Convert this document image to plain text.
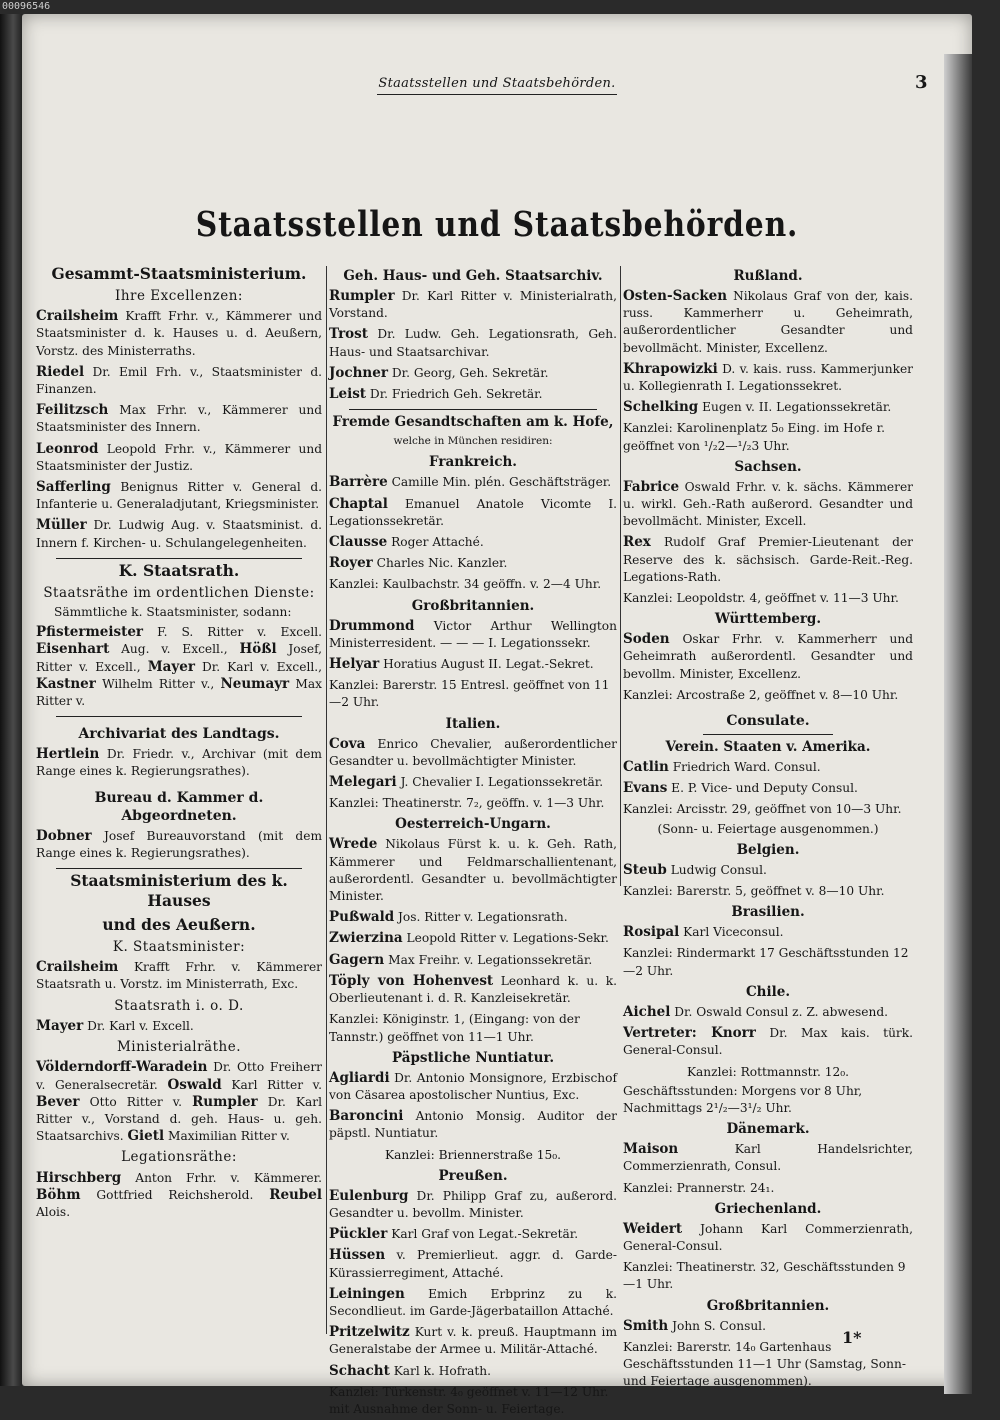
00096546
Staatsstellen und Staatsbehörden.	3
Staatsstellen und Staatsbehörden.
Gesammt-Staatsministerium.
Ihre Excellenzen:
Crailsheim Krafft Frhr. v., Kämmerer und Staatsminister d. k. Hauses u. d. Aeußern, Vorstz. des Ministerraths.
Riedel Dr. Emil Frh. v., Staatsminister d. Finanzen.
Feilitzsch Max Frhr. v., Kämmerer und Staatsminister des Innern.
Leonrod Leopold Frhr. v., Kämmerer und Staatsminister der Justiz.
Safferling Benignus Ritter v. General d. Infanterie u. Generaladjutant, Kriegsminister.
Müller Dr. Ludwig Aug. v. Staatsminist. d. Innern f. Kirchen- u. Schulangelegenheiten.
K. Staatsrath.
Staatsräthe im ordentlichen Dienste:
Sämmtliche k. Staatsminister, sodann:
Pfistermeister F. S. Ritter v. Excell. Eisenhart Aug. v. Excell., Hößl Josef, Ritter v. Excell., Mayer Dr. Karl v. Excell., Kastner Wilhelm Ritter v., Neumayr Max Ritter v.
Archivariat des Landtags.
Hertlein Dr. Friedr. v., Archivar (mit dem Range eines k. Regierungsrathes).
Bureau d. Kammer d. Abgeordneten.
Dobner Josef Bureauvorstand (mit dem Range eines k. Regierungsrathes).
Staatsministerium des k. Hauses
und des Aeußern.
K. Staatsminister:
Crailsheim Krafft Frhr. v. Kämmerer Staatsrath u. Vorstz. im Ministerrath, Exc.
Staatsrath i. o. D.
Mayer Dr. Karl v. Excell.
Ministerialräthe.
Völderndorff-Waradein Dr. Otto Freiherr v. Generalsecretär. Oswald Karl Ritter v. Bever Otto Ritter v. Rumpler Dr. Karl Ritter v., Vorstand d. geh. Haus- u. geh. Staatsarchivs. Gietl Maximilian Ritter v.
Legationsräthe:
Hirschberg Anton Frhr. v. Kämmerer. Böhm Gottfried Reichsherold. Reubel Alois.
Geh. Haus- und Geh. Staatsarchiv.
Rumpler Dr. Karl Ritter v. Ministerialrath, Vorstand.
Trost Dr. Ludw. Geh. Legationsrath, Geh. Haus- und Staatsarchivar.
Jochner Dr. Georg, Geh. Sekretär.
Leist Dr. Friedrich Geh. Sekretär.
Fremde Gesandtschaften am k. Hofe,
welche in München residiren:
Frankreich.
Barrère Camille Min. plén. Geschäftsträger.
Chaptal Emanuel Anatole Vicomte I. Legationssekretär.
Clausse Roger Attaché.
Royer Charles Nic. Kanzler.
Kanzlei: Kaulbachstr. 34 geöffn. v. 2—4 Uhr.
Großbritannien.
Drummond Victor Arthur Wellington Ministerresident. — — — I. Legationssekr.
Helyar Horatius August II. Legat.-Sekret.
Kanzlei: Barerstr. 15 Entresl. geöffnet von 11—2 Uhr.
Italien.
Cova Enrico Chevalier, außerordentlicher Gesandter u. bevollmächtigter Minister.
Melegari J. Chevalier I. Legationssekretär.
Kanzlei: Theatinerstr. 7₂, geöffn. v. 1—3 Uhr.
Oesterreich-Ungarn.
Wrede Nikolaus Fürst k. u. k. Geh. Rath, Kämmerer und Feldmarschallientenant, außerordentl. Gesandter u. bevollmächtigter Minister.
Pußwald Jos. Ritter v. Legationsrath.
Zwierzina Leopold Ritter v. Legations-Sekr.
Gagern Max Freihr. v. Legationssekretär.
Töply von Hohenvest Leonhard k. u. k. Oberlieutenant i. d. R. Kanzleisekretär.
Kanzlei: Königinstr. 1, (Eingang: von der Tannstr.) geöffnet von 11—1 Uhr.
Päpstliche Nuntiatur.
Agliardi Dr. Antonio Monsignore, Erzbischof von Cäsarea apostolischer Nuntius, Exc.
Baroncini Antonio Monsig. Auditor der päpstl. Nuntiatur.
Kanzlei: Briennerstraße 15₀.
Preußen.
Eulenburg Dr. Philipp Graf zu, außerord. Gesandter u. bevollm. Minister.
Pückler Karl Graf von Legat.-Sekretär.
Hüssen v. Premierlieut. aggr. d. Garde-Kürassierregiment, Attaché.
Leiningen Emich Erbprinz zu k. Secondlieut. im Garde-Jägerbataillon Attaché.
Pritzelwitz Kurt v. k. preuß. Hauptmann im Generalstabe der Armee u. Militär-Attaché.
Schacht Karl k. Hofrath.
Kanzlei: Türkenstr. 4₀ geöffnet v. 11—12 Uhr. mit Ausnahme der Sonn- u. Feiertage.
Rußland.
Osten-Sacken Nikolaus Graf von der, kais. russ. Kammerherr u. Geheimrath, außerordentlicher Gesandter und bevollmächt. Minister, Excellenz.
Khrapowizki D. v. kais. russ. Kammerjunker u. Kollegienrath I. Legationssekret.
Schelking Eugen v. II. Legationssekretär.
Kanzlei: Karolinenplatz 5₀ Eing. im Hofe r. geöffnet von ¹/₂2—¹/₂3 Uhr.
Sachsen.
Fabrice Oswald Frhr. v. k. sächs. Kämmerer u. wirkl. Geh.-Rath außerord. Gesandter und bevollmächt. Minister, Excell.
Rex Rudolf Graf Premier-Lieutenant der Reserve des k. sächsisch. Garde-Reit.-Reg. Legations-Rath.
Kanzlei: Leopoldstr. 4, geöffnet v. 11—3 Uhr.
Württemberg.
Soden Oskar Frhr. v. Kammerherr und Geheimrath außerordentl. Gesandter und bevollm. Minister, Excellenz.
Kanzlei: Arcostraße 2, geöffnet v. 8—10 Uhr.
Consulate.
Verein. Staaten v. Amerika.
Catlin Friedrich Ward. Consul.
Evans E. P. Vice- und Deputy Consul.
Kanzlei: Arcisstr. 29, geöffnet von 10—3 Uhr.
(Sonn- u. Feiertage ausgenommen.)
Belgien.
Steub Ludwig Consul.
Kanzlei: Barerstr. 5, geöffnet v. 8—10 Uhr.
Brasilien.
Rosipal Karl Viceconsul.
Kanzlei: Rindermarkt 17 Geschäftsstunden 12—2 Uhr.
Chile.
Aichel Dr. Oswald Consul z. Z. abwesend.
Vertreter: Knorr Dr. Max kais. türk. General-Consul.
Kanzlei: Rottmannstr. 12₀.
Geschäftsstunden: Morgens vor 8 Uhr, Nachmittags 2¹/₂—3¹/₂ Uhr.
Dänemark.
Maison	Karl Handelsrichter, Commerzienrath, Consul.
Kanzlei: Prannerstr. 24₁.
Griechenland.
Weidert Johann Karl Commerzienrath, General-Consul.
Kanzlei: Theatinerstr. 32, Geschäftsstunden 9—1 Uhr.
Großbritannien.
Smith John S. Consul.
Kanzlei: Barerstr. 14₀ Gartenhaus Geschäftsstunden 11—1 Uhr (Samstag, Sonn- und Feiertage ausgenommen).
1*
